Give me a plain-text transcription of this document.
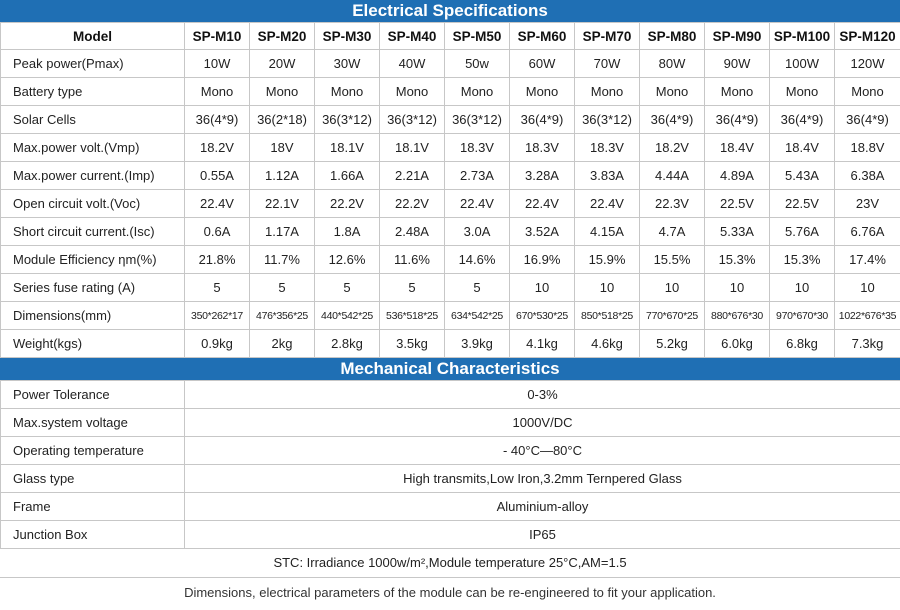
Electrical Specifications
Model	SP-M10	SP-M20	SP-M30	SP-M40	SP-M50	SP-M60	SP-M70	SP-M80	SP-M90	SP-M100	SP-M120
Peak power(Pmax)	10W	20W	30W	40W	50w	60W	70W	80W	90W	100W	120W
Battery type	Mono	Mono	Mono	Mono	Mono	Mono	Mono	Mono	Mono	Mono	Mono
Solar Cells	36(4*9)	36(2*18)	36(3*12)	36(3*12)	36(3*12)	36(4*9)	36(3*12)	36(4*9)	36(4*9)	36(4*9)	36(4*9)
Max.power volt.(Vmp)	18.2V	18V	18.1V	18.1V	18.3V	18.3V	18.3V	18.2V	18.4V	18.4V	18.8V
Max.power current.(Imp)	0.55A	1.12A	1.66A	2.21A	2.73A	3.28A	3.83A	4.44A	4.89A	5.43A	6.38A
Open circuit volt.(Voc)	22.4V	22.1V	22.2V	22.2V	22.4V	22.4V	22.4V	22.3V	22.5V	22.5V	23V
Short circuit current.(Isc)	0.6A	1.17A	1.8A	2.48A	3.0A	3.52A	4.15A	4.7A	5.33A	5.76A	6.76A
Module Efficiency ηm(%)	21.8%	11.7%	12.6%	11.6%	14.6%	16.9%	15.9%	15.5%	15.3%	15.3%	17.4%
Series fuse rating (A)	5	5	5	5	5	10	10	10	10	10	10
Dimensions(mm)	350*262*17	476*356*25	440*542*25	536*518*25	634*542*25	670*530*25	850*518*25	770*670*25	880*676*30	970*670*30	1022*676*35
Weight(kgs)	0.9kg	2kg	2.8kg	3.5kg	3.9kg	4.1kg	4.6kg	5.2kg	6.0kg	6.8kg	7.3kg
Mechanical Characteristics
Power Tolerance	0-3%
Max.system voltage	1000V/DC
Operating temperature	- 40°C—80°C
Glass type	High transmits,Low Iron,3.2mm Ternpered Glass
Frame	Aluminium-alloy
Junction Box	IP65
STC: Irradiance 1000w/m²,Module temperature 25°C,AM=1.5
Dimensions, electrical parameters of the module can be re-engineered to fit your application.
